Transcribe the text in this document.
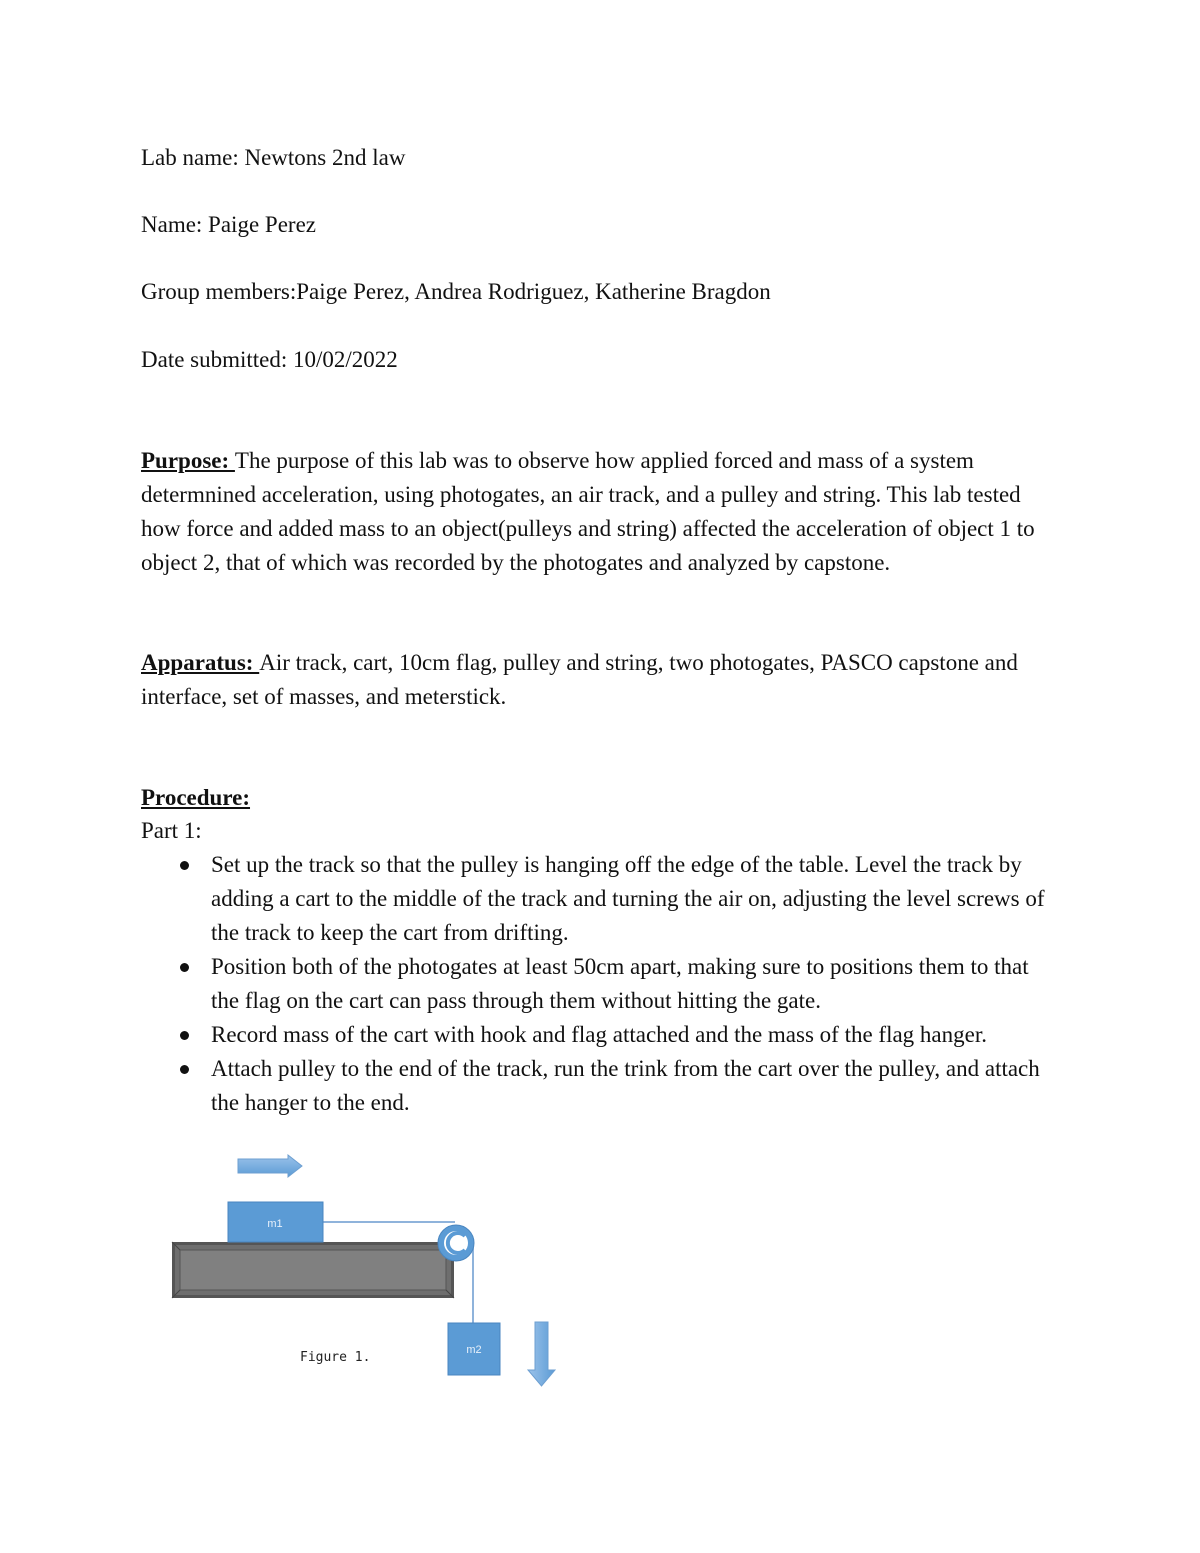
Lab name: Newtons 2nd law
Name: Paige Perez
Group members:Paige Perez, Andrea Rodriguez, Katherine Bragdon
Date submitted: 10/02/2022

Purpose: The purpose of this lab was to observe how applied forced and mass of a system determnined acceleration, using photogates, an air track, and a pulley and string. This lab tested how force and added mass to an object(pulleys and string) affected the acceleration of object 1 to object 2, that of which was recorded by the photogates and analyzed by capstone.

Apparatus: Air track, cart, 10cm flag, pulley and string, two photogates, PASCO capstone and interface, set of masses, and meterstick.

Procedure:
Part 1:
Set up the track so that the pulley is hanging off the edge of the table. Level the track by adding a cart to the middle of the track and turning the air on, adjusting the level screws of the track to keep the cart from drifting.
Position both of the photogates at least 50cm apart, making sure to positions them to that the flag on the cart can pass through them without hitting the gate.
Record mass of the cart with hook and flag attached and the mass of the flag hanger.
Attach pulley to the end of the track, run the trink from the cart over the pulley, and attach the hanger to the end.
m1
m2
Figure 1.
